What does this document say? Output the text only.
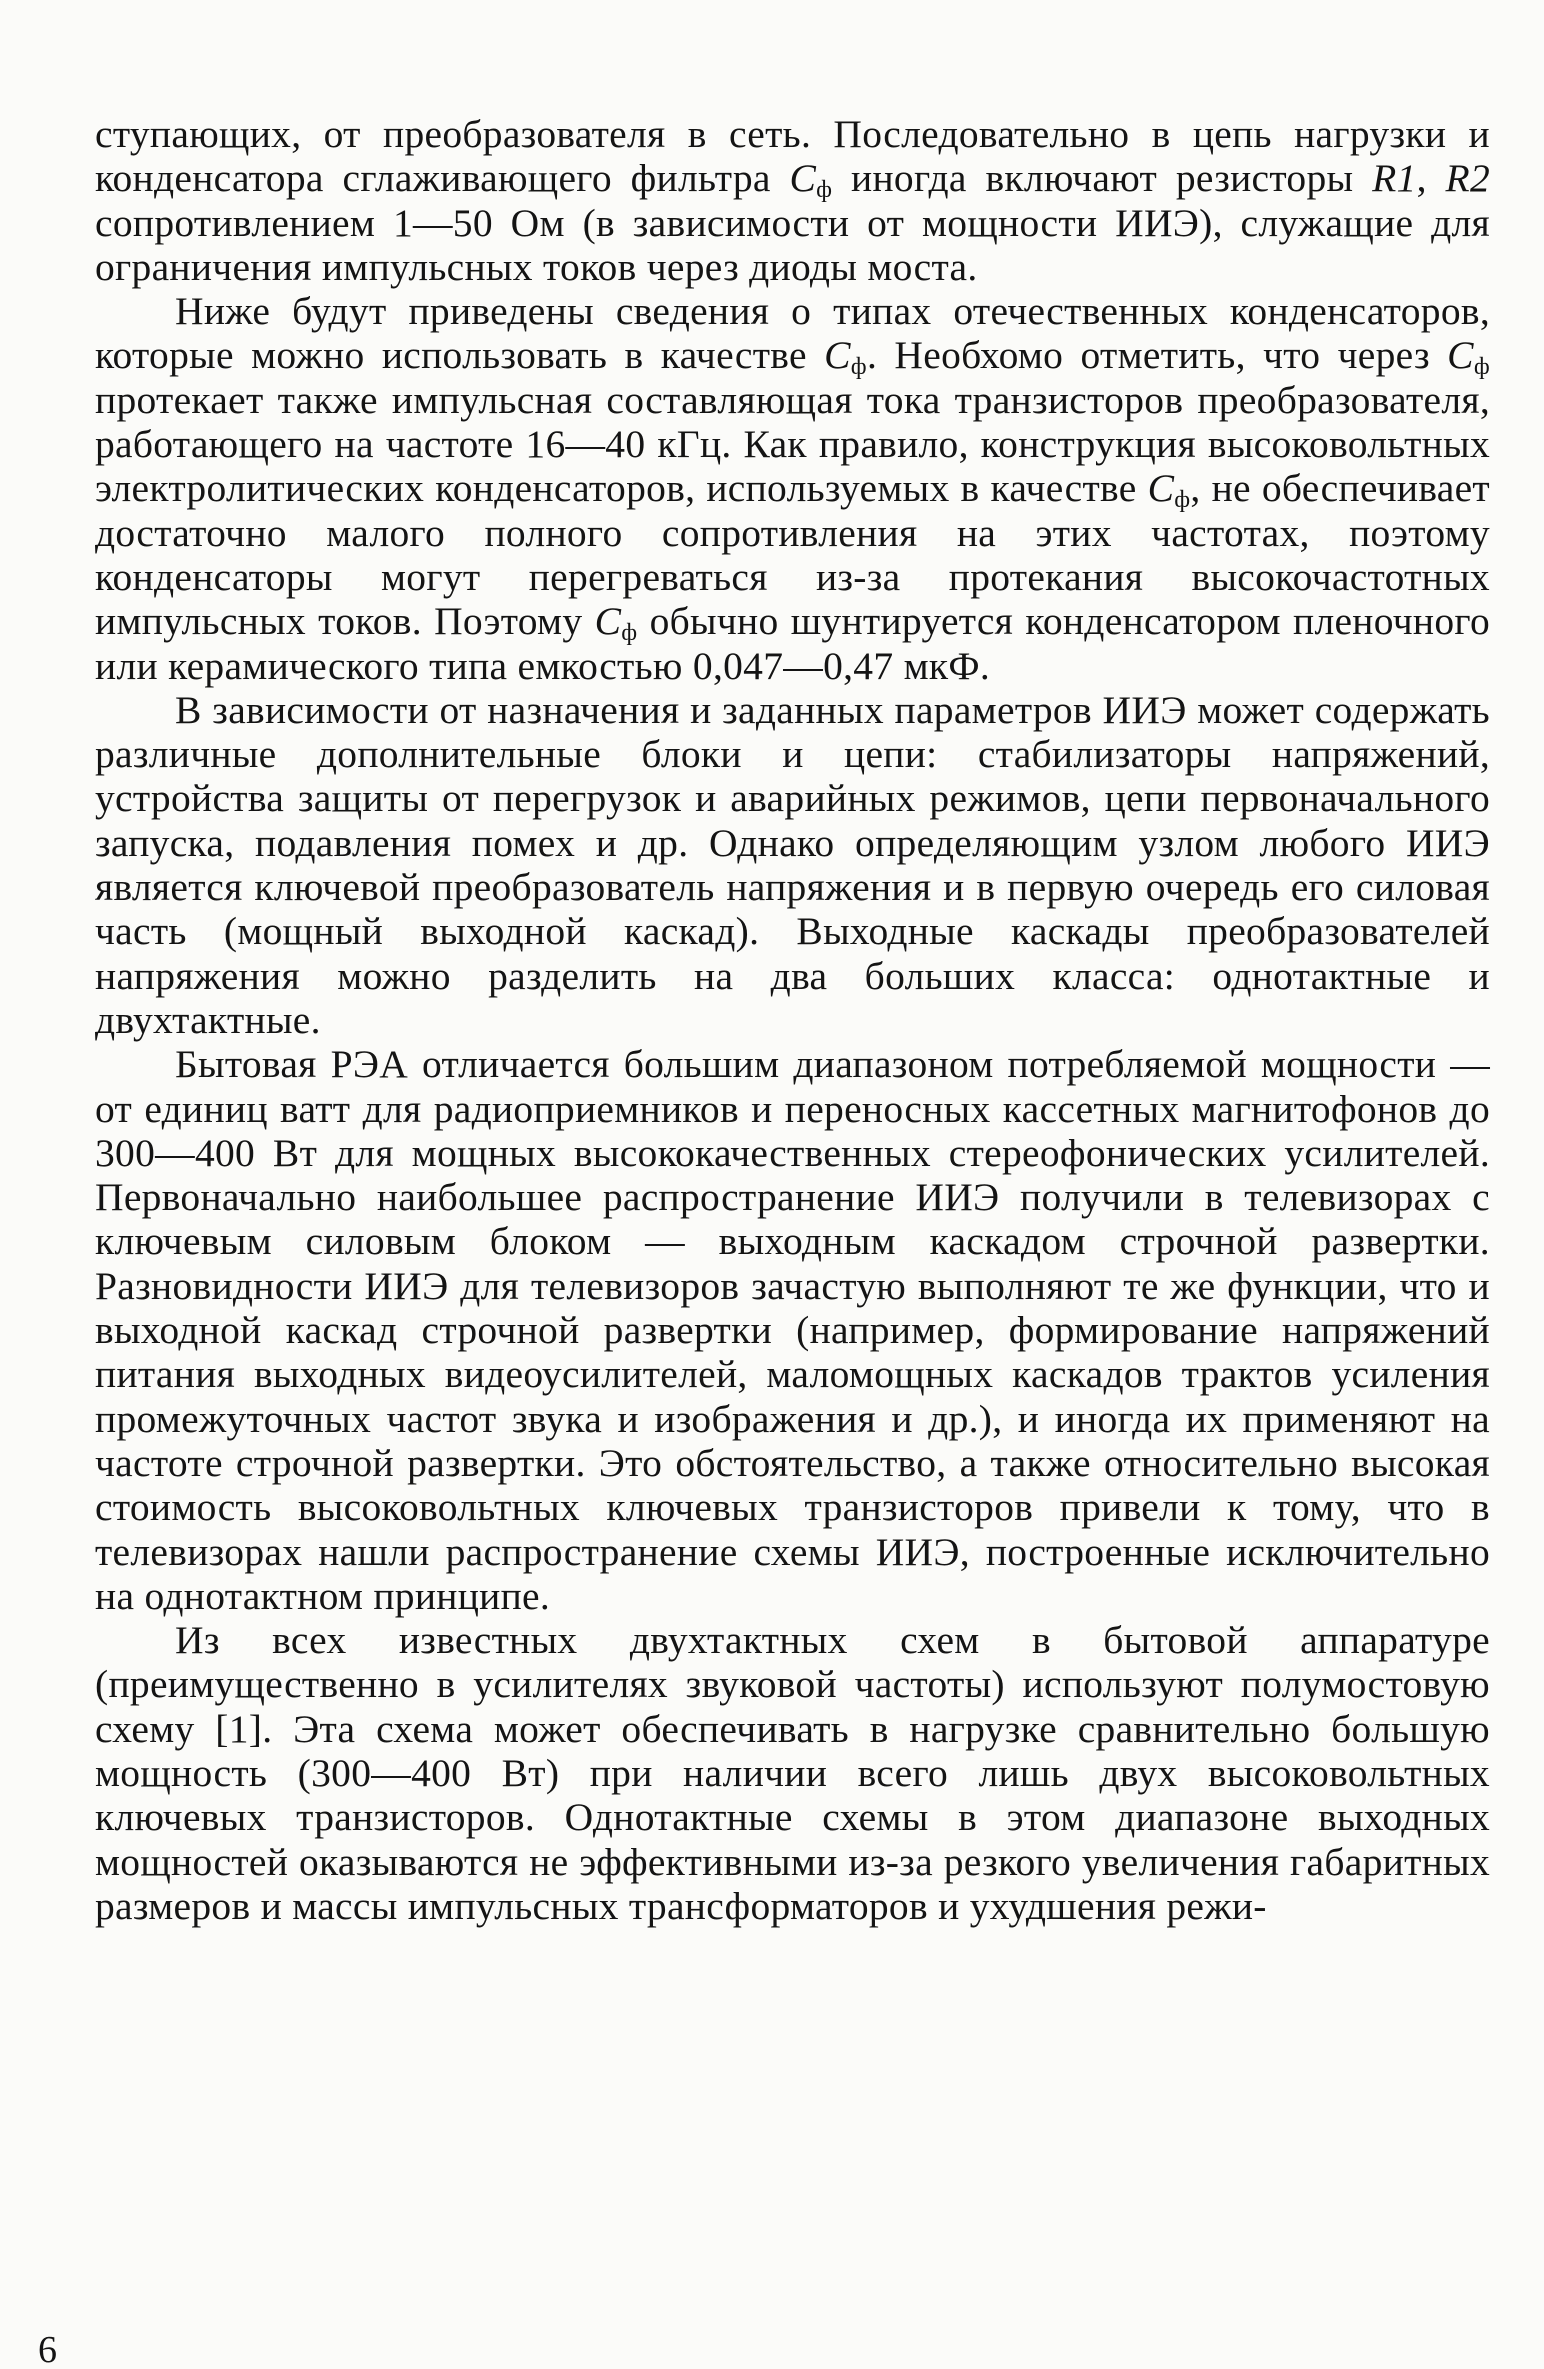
ступающих, от преобразователя в сеть. Последовательно в цепь нагрузки и конденсатора сглаживающего фильтра $C_ф$ иногда включают резисторы R1, R2 сопротивлением 1—50 Ом (в зависимости от мощности ИИЭ), служащие для ограничения импульсных токов через диоды моста.

Ниже будут приведены сведения о типах отечественных конденсаторов, которые можно использовать в качестве $C_ф$. Необхомо отметить, что через $C_ф$ протекает также импульсная составляющая тока транзисторов преобразователя, работающего на частоте 16—40 кГц. Как правило, конструкция высоковольтных электролитических конденсаторов, используемых в качестве $C_ф$, не обеспечивает достаточно малого полного сопротивления на этих частотах, поэтому конденсаторы могут перегреваться из-за протекания высокочастотных импульсных токов. Поэтому $C_ф$ обычно шунтируется конденсатором пленочного или керамического типа емкостью 0,047—0,47 мкФ.

В зависимости от назначения и заданных параметров ИИЭ может содержать различные дополнительные блоки и цепи: стабилизаторы напряжений, устройства защиты от перегрузок и аварийных режимов, цепи первоначального запуска, подавления помех и др. Однако определяющим узлом любого ИИЭ является ключевой преобразователь напряжения и в первую очередь его силовая часть (мощный выходной каскад). Выходные каскады преобразователей напряжения можно разделить на два больших класса: однотактные и двухтактные.

Бытовая РЭА отличается большим диапазоном потребляемой мощности — от единиц ватт для радиоприемников и переносных кассетных магнитофонов до 300—400 Вт для мощных высококачественных стереофонических усилителей. Первоначально наибольшее распространение ИИЭ получили в телевизорах с ключевым силовым блоком — выходным каскадом строчной развертки. Разновидности ИИЭ для телевизоров зачастую выполняют те же функции, что и выходной каскад строчной развертки (например, формирование напряжений питания выходных видеоусилителей, маломощных каскадов трактов усиления промежуточных частот звука и изображения и др.), и иногда их применяют на частоте строчной развертки. Это обстоятельство, а также относительно высокая стоимость высоковольтных ключевых транзисторов привели к тому, что в телевизорах нашли распространение схемы ИИЭ, построенные исключительно на однотактном принципе.

Из всех известных двухтактных схем в бытовой аппаратуре (преимущественно в усилителях звуковой частоты) используют полумостовую схему [1]. Эта схема может обеспечивать в нагрузке сравнительно большую мощность (300—400 Вт) при наличии всего лишь двух высоковольтных ключевых транзисторов. Однотактные схемы в этом диапазоне выходных мощностей оказываются не эффективными из-за резкого увеличения габаритных размеров и массы импульсных трансформаторов и ухудшения режи-

6
